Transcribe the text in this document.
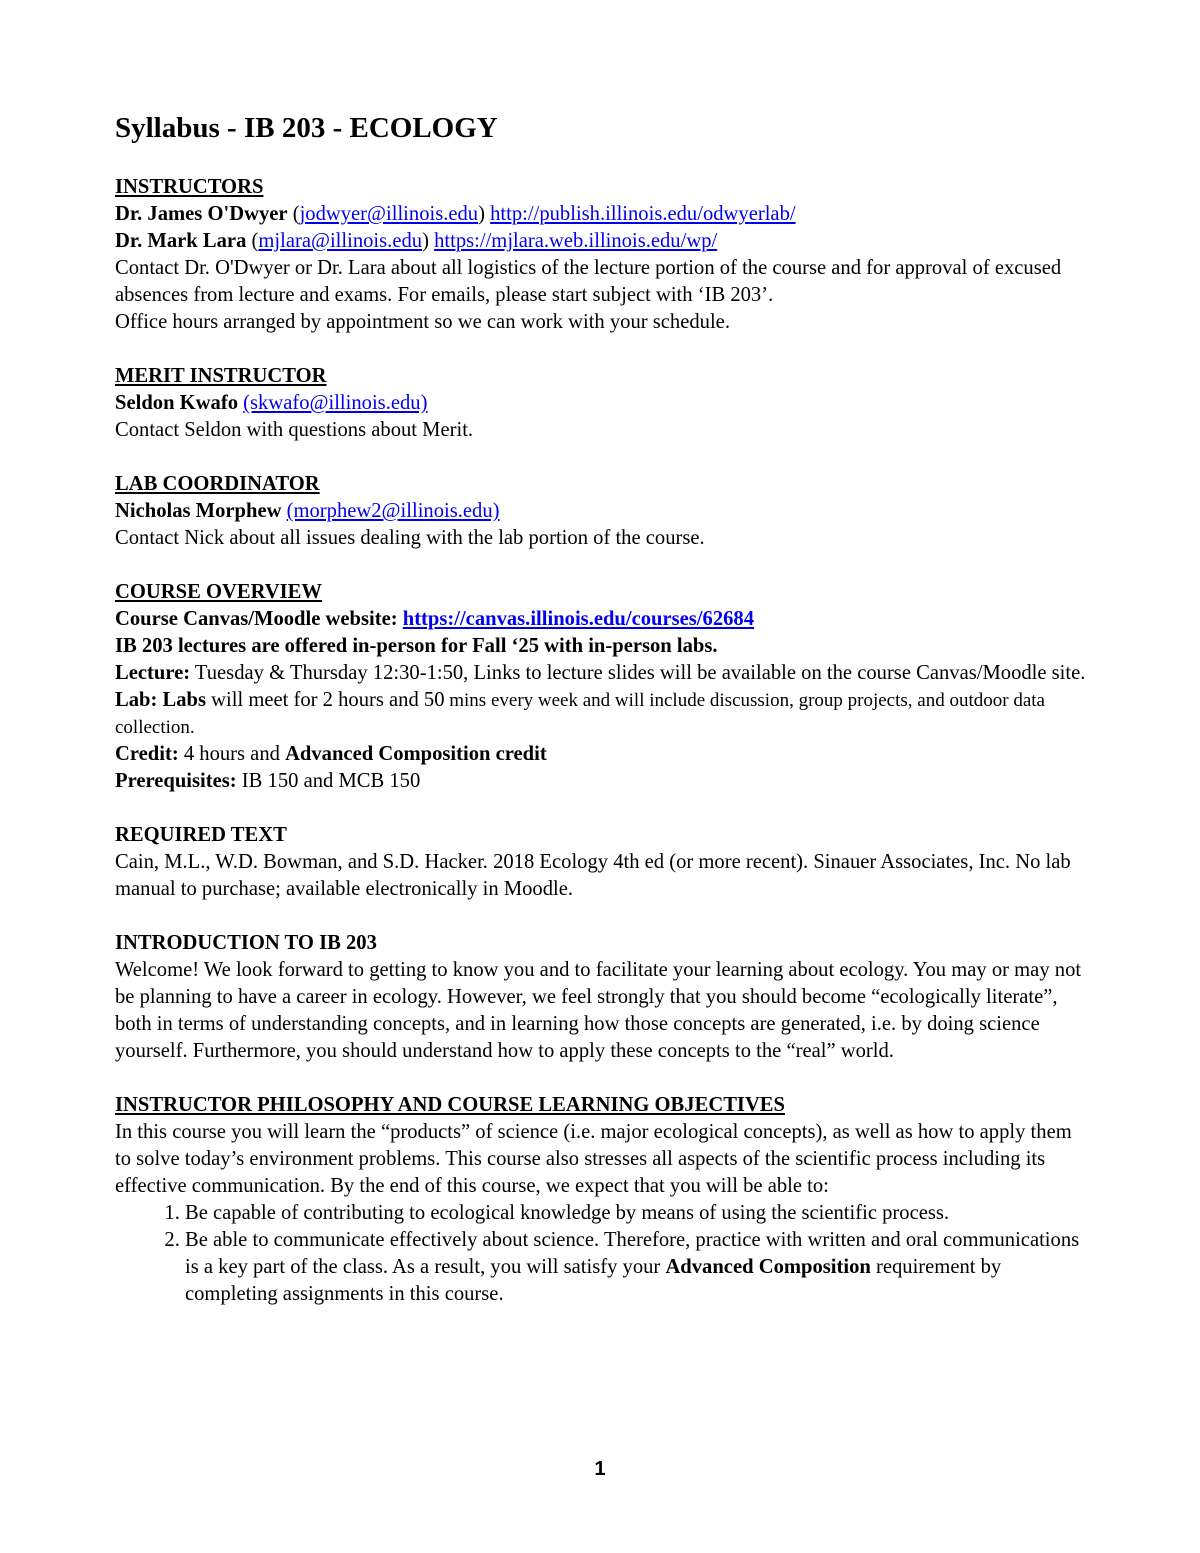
Syllabus - IB 203 - ECOLOGY

INSTRUCTORS

Dr. James O'Dwyer (jodwyer@illinois.edu) http://publish.illinois.edu/odwyerlab/

Dr. Mark Lara (mjlara@illinois.edu) https://mjlara.web.illinois.edu/wp/

Contact Dr. O'Dwyer or Dr. Lara about all logistics of the lecture portion of the course and for approval of excused absences from lecture and exams. For emails, please start subject with ‘IB 203’.

Office hours arranged by appointment so we can work with your schedule.

MERIT INSTRUCTOR

Seldon Kwafo (skwafo@illinois.edu)

Contact Seldon with questions about Merit.

LAB COORDINATOR

Nicholas Morphew (morphew2@illinois.edu)

Contact Nick about all issues dealing with the lab portion of the course.

COURSE OVERVIEW

Course Canvas/Moodle website: https://canvas.illinois.edu/courses/62684

IB 203 lectures are offered in-person for Fall ‘25 with in-person labs.

Lecture: Tuesday & Thursday 12:30-1:50, Links to lecture slides will be available on the course Canvas/Moodle site.

Lab: Labs will meet for 2 hours and 50 mins every week and will include discussion, group projects, and outdoor data collection.

Credit: 4 hours and Advanced Composition credit

Prerequisites: IB 150 and MCB 150

REQUIRED TEXT

Cain, M.L., W.D. Bowman, and S.D. Hacker. 2018 Ecology 4th ed (or more recent). Sinauer Associates, Inc. No lab manual to purchase; available electronically in Moodle.

INTRODUCTION TO IB 203

Welcome! We look forward to getting to know you and to facilitate your learning about ecology. You may or may not be planning to have a career in ecology. However, we feel strongly that you should become “ecologically literate”, both in terms of understanding concepts, and in learning how those concepts are generated, i.e. by doing science yourself. Furthermore, you should understand how to apply these concepts to the “real” world.

INSTRUCTOR PHILOSOPHY AND COURSE LEARNING OBJECTIVES

In this course you will learn the “products” of science (i.e. major ecological concepts), as well as how to apply them to solve today’s environment problems. This course also stresses all aspects of the scientific process including its effective communication. By the end of this course, we expect that you will be able to:

1. Be capable of contributing to ecological knowledge by means of using the scientific process.
2. Be able to communicate effectively about science. Therefore, practice with written and oral communications is a key part of the class. As a result, you will satisfy your Advanced Composition requirement by completing assignments in this course.
1
